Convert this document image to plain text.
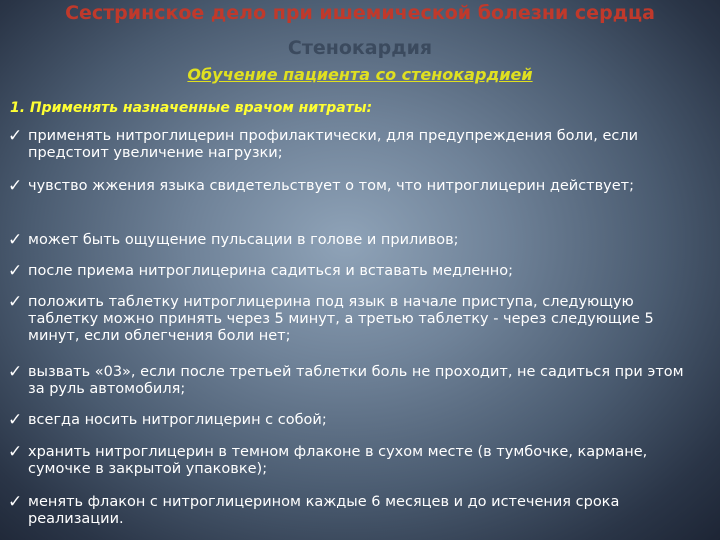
Сестринское дело при ишемической болезни сердца
Стенокардия
Обучение пациента со стенокардией
1. Применять назначенные врачом нитраты:
✓ применять нитроглицерин профилактически, для предупреждения боли, если предстоит увеличение нагрузки;
✓ чувство жжения языка свидетельствует о том, что нитроглицерин действует;
✓ может быть ощущение пульсации в голове и приливов;
✓ после приема нитроглицерина садиться и вставать медленно;
✓ положить таблетку нитроглицерина под язык в начале приступа, следующую таблетку можно принять через 5 минут, а третью таблетку - через следующие 5 минут, если облегчения боли нет;
✓ вызвать «03», если после третьей таблетки боль не проходит, не садиться при этом за руль автомобиля;
✓ всегда носить нитроглицерин с собой;
✓ хранить нитроглицерин в темном флаконе в сухом месте (в тумбочке, кармане, сумочке в закрытой упаковке);
✓ менять флакон с нитроглицерином каждые 6 месяцев и до истечения срока реализации.
